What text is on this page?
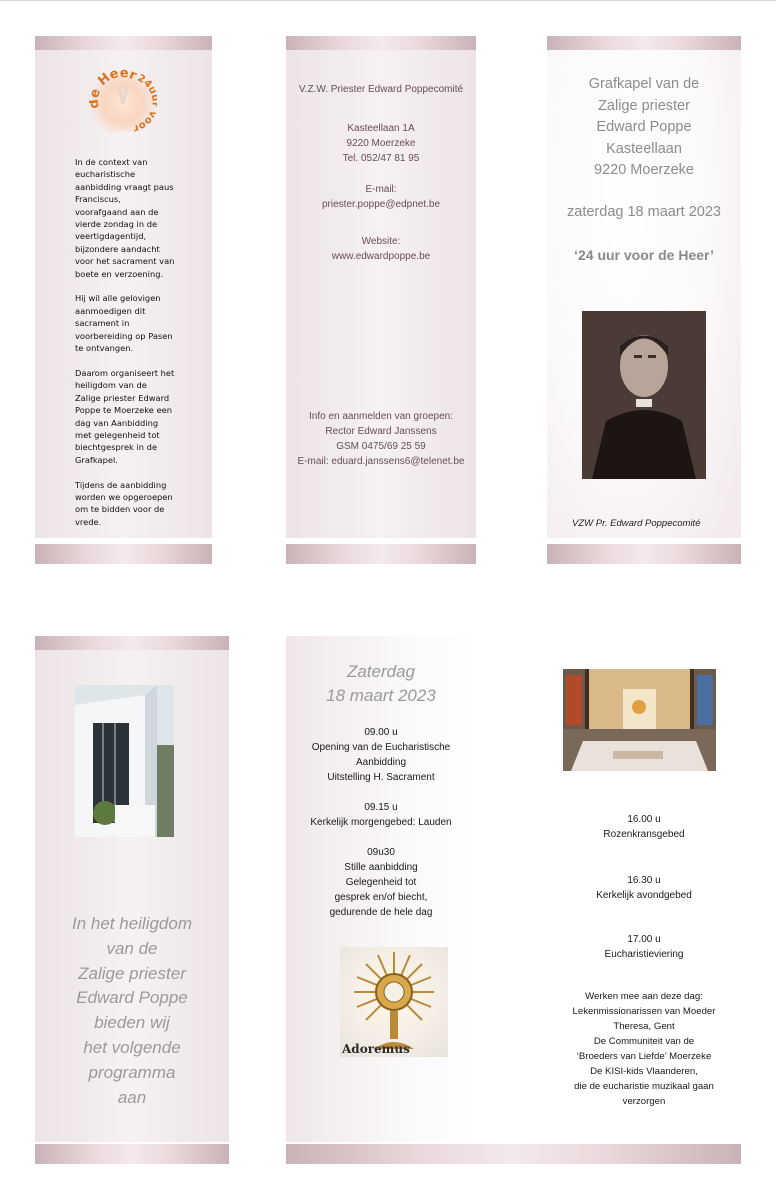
Heer
24 oor

In de context van eucharistische aanbidding vraagt paus Franciscus, voorafgaand aan de vierde zondag in de veertigdagentijd, bijzondere aandacht voor het sacrament van boete en verzoening.

Hij wil alle gelovigen aanmoedigen dit sacrament in voorbereiding op Pasen te ontvangen.

Daarom organiseert het heiligdom van de Zalige priester Edward Poppe te Moerzeke een dag van Aanbidding met gelegenheid tot biechtgesprek in de Grafkapel.

Tijdens de aanbidding worden we opgeroepen om te bidden voor de vrede.

V.Z.W. Priester Edward Poppecomité

Kasteellaan 1A
9220 Moerzeke
Tel. 052/47 81 95
E-mail:
priester.poppe@edpnet.be
Website:
www.edwardpoppe.be
Info en aanmelden van groepen:
Rector Edward Janssens
GSM 0475/69 25 59
E-mail: eduard.janssens6@telenet.be
Grafkapel van de
Zalige priester
Edward Poppe
Kasteellaan
9220 Moerzeke
zaterdag 18 maart 2023
‘24 uur voor de Heer’
VZW Pr. Edward Poppecomité
In het heiligdom
van de
Zalige priester
Edward Poppe
bieden wij
het volgende
programma
aan
Zaterdag
18 maart 2023
09.00 u
Opening van de Eucharistische
Aanbidding
Uitstelling H. Sacrament
09.15 u
Kerkelijk morgengebed: Lauden
09u30
Stille aanbidding
Gelegenheid tot
gesprek en/of biecht,
gedurende de hele dag
Adoremus
16.00 u
Rozenkransgebed
16.30 u
Kerkelijk avondgebed
17.00 u
Eucharistieviering
Werken mee aan deze dag:
Lekenmissionarissen van Moeder
Theresa, Gent
De Communiteit van de
‘Broeders van Liefde’ Moerzeke
De KISI-kids Vlaanderen,
die de eucharistie muzikaal gaan
verzorgen
